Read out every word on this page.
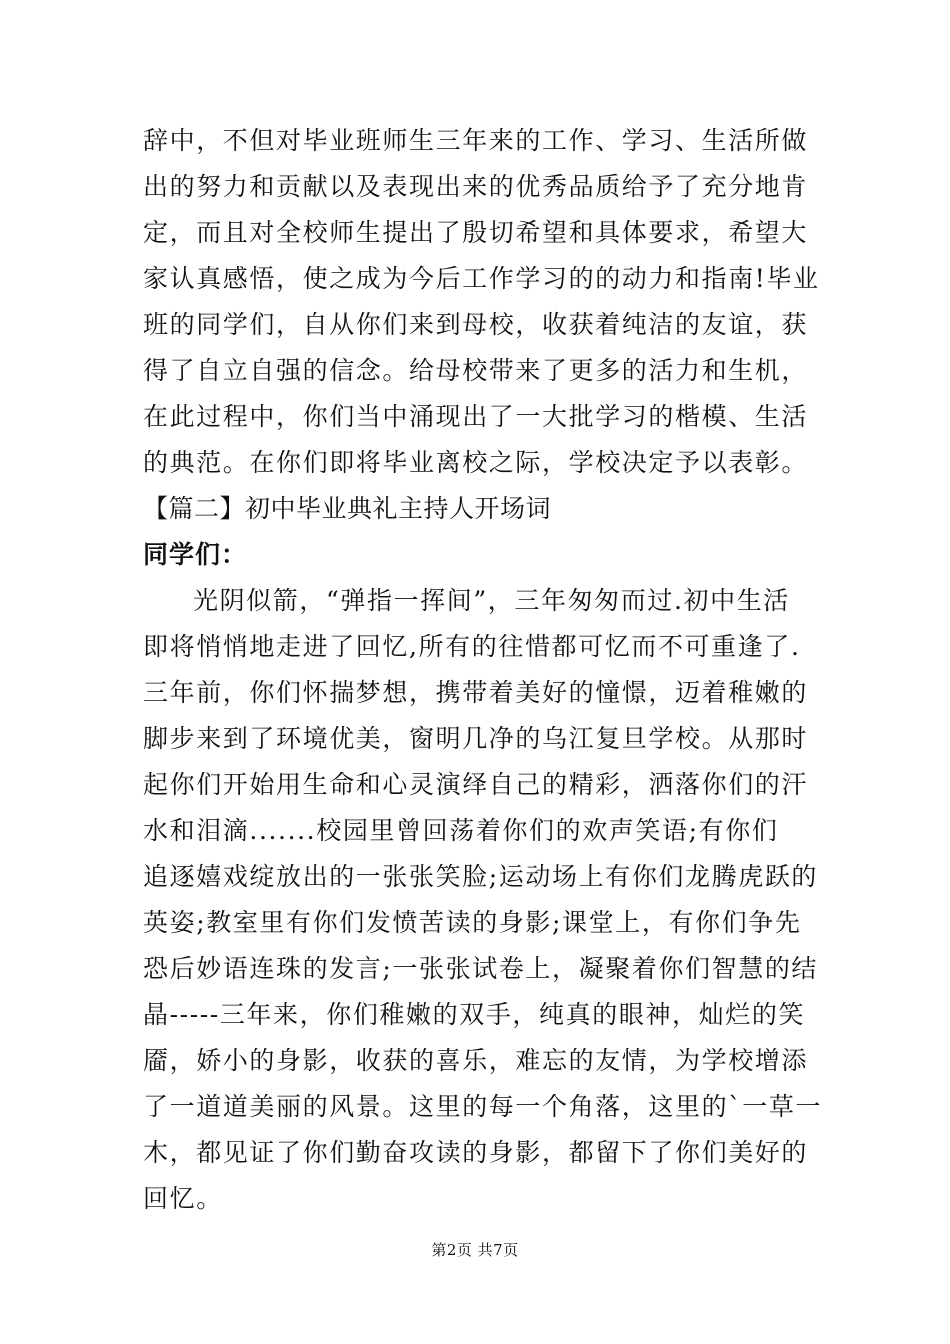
辞中，不但对毕业班师生三年来的工作、学习、生活所做
出的努力和贡献以及表现出来的优秀品质给予了充分地肯
定，而且对全校师生提出了殷切希望和具体要求，希望大
家认真感悟，使之成为今后工作学习的的动力和指南!毕业
班的同学们，自从你们来到母校，收获着纯洁的友谊，获
得了自立自强的信念。给母校带来了更多的活力和生机，
在此过程中，你们当中涌现出了一大批学习的楷模、生活
的典范。在你们即将毕业离校之际，学校决定予以表彰。
【篇二】初中毕业典礼主持人开场词
同学们：
光阴似箭，“弹指一挥间”，三年匆匆而过.初中生活
即将悄悄地走进了回忆,所有的往惜都可忆而不可重逢了.
三年前，你们怀揣梦想，携带着美好的憧憬，迈着稚嫩的
脚步来到了环境优美，窗明几净的乌江复旦学校。从那时
起你们开始用生命和心灵演绎自己的精彩，洒落你们的汗
水和泪滴.......校园里曾回荡着你们的欢声笑语;有你们
追逐嬉戏绽放出的一张张笑脸;运动场上有你们龙腾虎跃的
英姿;教室里有你们发愤苦读的身影;课堂上，有你们争先
恐后妙语连珠的发言;一张张试卷上，凝聚着你们智慧的结
晶-----三年来，你们稚嫩的双手，纯真的眼神，灿烂的笑
靥，娇小的身影，收获的喜乐，难忘的友情，为学校增添
了一道道美丽的风景。这里的每一个角落，这里的`一草一
木，都见证了你们勤奋攻读的身影，都留下了你们美好的
回忆。
第2页 共7页
